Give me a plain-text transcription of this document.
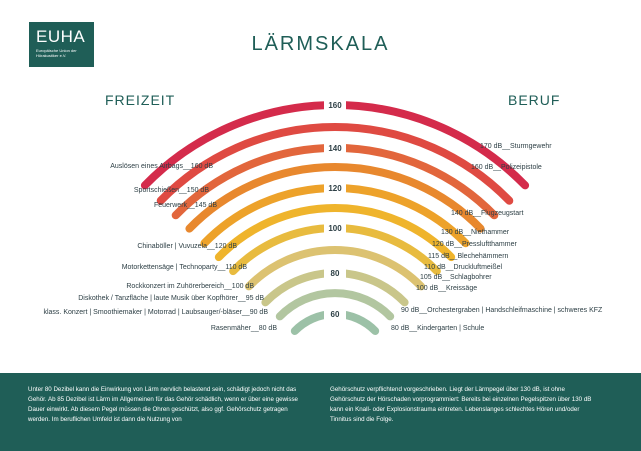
EUHA
Europäische Union der Hörakustiker e.V.
LÄRMSKALA
FREIZEIT	BERUF
160
140
120
100
80
60
Auslösen eines Airbags__160 dB
Sportschießen__150 dB
Feuerwerk__145 dB
Chinaböller | Vuvuzela__120 dB
Motorkettensäge | Technoparty__110 dB
Rockkonzert im Zuhörerbereich__100 dB
Diskothek / Tanzfläche | laute Musik über Kopfhörer__95 dB
klass. Konzert | Smoothiemaker | Motorrad | Laubsauger/-bläser__90 dB
Rasenmäher__80 dB
170 dB__Sturmgewehr
160 dB__Polizeipistole
140 dB__Flugzeugstart
130 dB__Niethammer
120 dB__Pressluftthammer
115 dB__Blechehämmern
110 dB__Druckluftmeißel
105 dB__Schlagbohrer
100 dB__Kreissäge
90 dB__Orchestergraben | Handschleifmaschine | schweres KFZ
80 dB__Kindergarten | Schule
Unter 80 Dezibel kann die Einwirkung von Lärm nervlich belastend sein, schädigt jedoch nicht das Gehör. Ab 85 Dezibel ist Lärm im Allgemeinen für das Gehör schädlich, wenn er über eine gewisse Dauer einwirkt. Ab diesem Pegel müssen die Ohren geschützt, also ggf. Gehörschutz getragen werden. Im beruflichen Umfeld ist dann die Nutzung von
Gehörschutz verpflichtend vorgeschrieben. Liegt der Lärmpegel über 130 dB, ist ohne Gehörschutz der Hörschaden vorprogrammiert: Bereits bei einzelnen Pegelspitzen über 130 dB kann ein Knall- oder Explosionstrauma eintreten. Lebenslanges schlechtes Hören und/oder Tinnitus sind die Folge.
